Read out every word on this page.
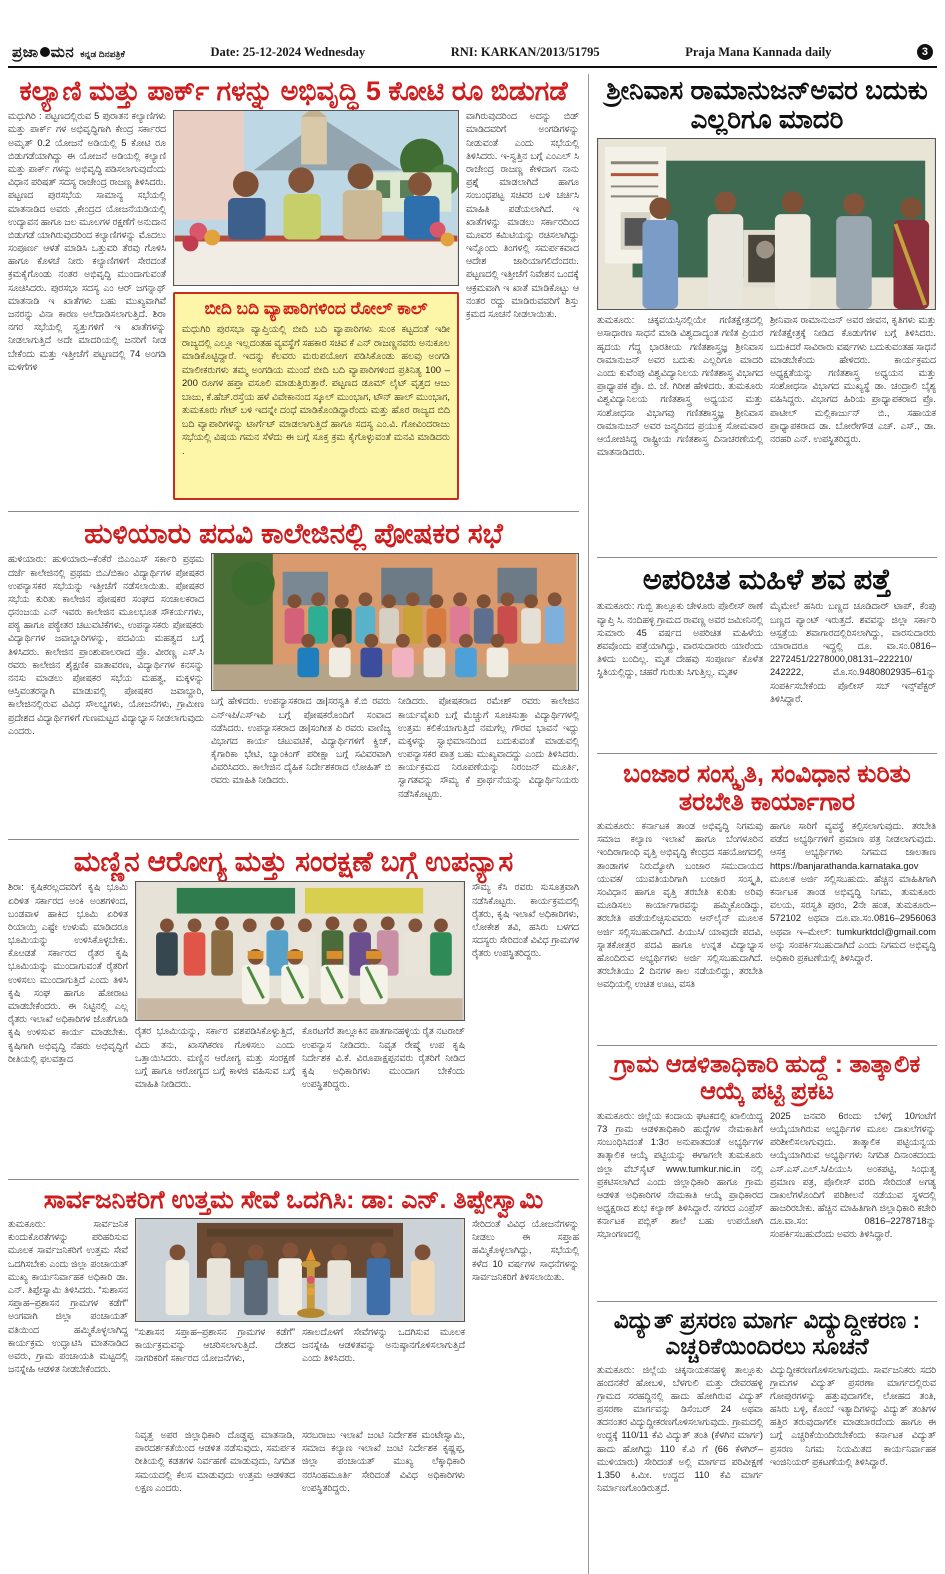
ಪ್ರಜಾ ಮನ ಕನ್ನಡ ದಿನಪತ್ರಿಕೆ	Date: 25-12-2024 Wednesday	RNI: KARKAN/2013/51795	Praja Mana Kannada daily	3
ಕಲ್ಯಾಣಿ ಮತ್ತು ಪಾರ್ಕ್ ಗಳನ್ನು ಅಭಿವೃದ್ಧಿ 5 ಕೋಟಿ ರೂ ಬಿಡುಗಡೆ
ಮಧುಗಿರಿ : ಪಟ್ಟಣದಲ್ಲಿರುವ 5 ಪುರಾತನ ಕಲ್ಯಾಣಿಗಳು ಮತ್ತು ಪಾರ್ಕ್ ಗಳ ಅಭಿವೃದ್ಧಿಗಾಗಿ ಕೇಂದ್ರ ಸರ್ಕಾರದ ಅಮೃತ್ 0.2 ಯೋಜನೆ ಅಡಿಯಲ್ಲಿ 5 ಕೋಟಿ ರೂ ಬಿಡುಗಡೆಯಾಗಿದ್ದು ಈ ಯೋಜನೆ ಅಡಿಯಲ್ಲಿ ಕಲ್ಯಾಣಿ ಮತ್ತು ಪಾರ್ಕ್ ಗಳನ್ನು ಅಭಿವೃದ್ಧಿ ಪಡಿಸಲಾಗುವುದೆಂದು ವಿಧಾನ ಪರಿಷತ್ ಸದಸ್ಯ ರಾಜೇಂದ್ರ ರಾಜಣ್ಣ ತಿಳಿಸಿದರು. ಪಟ್ಟಣದ ಪುರಸಭೆಯ ಸಾಮಾನ್ಯ ಸಭೆಯಲ್ಲಿ ಮಾತನಾಡಿದ ಅವರು ,ಕೇಂದ್ರದ ಯೋಜನೆಯಡಿಯಲ್ಲಿ ಉದ್ಯಾವನ ಹಾಗೂ ಜಲ ಮೂಲಗಳ ರಕ್ಷಣೆಗೆ ಅನುದಾನ ಬಿಡುಗಡೆ ಯಾಗಿರುವುದರಿಂದ ಕಲ್ಯಾಣಿಗಳನ್ನು ಮೊದಲು ಸಂಪೂರ್ಣ ಆಳತೆ ಮಾಡಿಸಿ ಒತ್ತುವರಿ ತೆರವು ಗೊಳಿಸಿ ಹಾಗೂ ಕೊಳಚೆ ನೀರು ಕಲ್ಯಾಣಿಗಳಿಗೆ ಸೇರದಂತೆ ಕ್ರಮಕೈಗೊಂಡು ನಂತರ ಅಭಿವೃದ್ಧಿ ಮುಂದಾಗುವಂತೆ ಸೂಚಿಸಿದರು. ಪುರಸಭಾ ಸದಸ್ಯ ಎಂ ಆರ್ ಜಗನ್ನಾಥ್ ಮಾತನಾಡಿ ಇ ಖಾತೆಗಳು ಬಹು ಮುಖ್ಯವಾಗಿವೆ ಜನರನ್ನು ವಿನಾ ಕಾರಣ ಅಲೆದಾಡಿಸಲಾಗುತ್ತಿದೆ. ಶಿರಾ ನಗರ ಸಭೆಯಲ್ಲಿ ಸ್ವತ್ತುಗಳಿಗೆ ಇ ಖಾತೆಗಳನ್ನು ನೀಡಲಾಗುತ್ತಿದೆ ಅದೇ ಮಾದರಿಯಲ್ಲಿ ಜನರಿಗೆ ನೀಡ ಬೇಕೆಂದು ಮತ್ತು ಇತ್ತೀಚೆಗೆ ಪಟ್ಟಣದಲ್ಲಿ 74 ಅಂಗಡಿ ಮಳಿಗೆಗಳಿ
ಬೀದಿ ಬದಿ ವ್ಯಾಪಾರಿಗಳಿಂದ ರೋಲ್ ಕಾಲ್
ಮಧುಗಿರಿ ಪುರಸಭಾ ವ್ಯಾಪ್ತಿಯಲ್ಲಿ ಬೀದಿ ಬದಿ ವ್ಯಾಪಾರಿಗಳು ಸುಂಕ ಕಟ್ಟದಂತೆ ಇಡೀ ರಾಜ್ಯದಲ್ಲಿ ಎಲ್ಲೂ ಇಲ್ಲದಂತಹ ವ್ಯವಸ್ಥೆಗೆ ಸಹಕಾರ ಸಚಿವ ಕೆ ಎನ್ ರಾಜಣ್ಣನವರು ಅನುಕೂಲ ಮಾಡಿಕೊಟ್ಟಿದ್ದಾರೆ. ಇದನ್ನು ಕೆಲವರು ಮರುಪಯೋಗ ಪಡಿಸಿಕೊಂಡು ಹಲವು ಅಂಗಡಿ ಮಾಲೀಕರುಗಳು ತಮ್ಮ ಅಂಗಡಿಯ ಮುಂದೆ ಬೀದಿ ಬದಿ ವ್ಯಾಪಾರಿಗಳಿಂದ ಪ್ರತಿನಿತ್ಯ 100 –200 ರೂಗಳ ಹಪ್ತಾ ವಸೂಲಿ ಮಾಡುತ್ತಿರುತ್ತಾರೆ. ಪಟ್ಟಣದ ಡೂಮ್ ಲೈಟ್ ವೃತ್ತದ ಆಜು ಬಾಜು, ಕೆ.ಹೆಚ್.ರಸ್ತೆಯ ಹಳೆ ವಿವೇಕಾನಂದ ಸ್ಕೂಲ್ ಮುಂಭಾಗ, ಟೌನ್ ಹಾಲ್ ಮುಂಭಾಗ, ತುಮಕೂರು ಗೇಟ್ ಬಳಿ ಇದನ್ನೇ ದಂಧೆ ಮಾಡಿಕೊಂಡಿದ್ದಾರೆಂದು ಮತ್ತು ಹೊರ ರಾಜ್ಯದ ಬಿದಿ ಬದಿ ವ್ಯಾಪಾರಿಗಳನ್ನು ಟಾರ್ಗೆಟ್ ಮಾಡಲಾಗುತ್ತಿದೆ ಹಾಗೂ ಸದಸ್ಯ ಎಂ.ವಿ. ಗೋವಿಂದರಾಜು ಸಭೆಯಲ್ಲಿ ವಿಷಯ ಗಮನ ಸೆಳೆದು ಈ ಬಗ್ಗೆ ಸೂಕ್ತ ಕ್ರಮ ಕೈಗೊಳ್ಳುವಂತೆ ಮನವಿ ಮಾಡಿದರು .
ವಾಗಿರುವುದರಿಂದ ಅದನ್ನು ಬಿಡ್ ಮಾಡಿದವರಿಗೆ ಅಂಗಡಿಗಳನ್ನು ನೀಡುವಂತೆ ಎಂದು ಸಭೆಯಲ್ಲಿ ತಿಳಿಸಿದರು. ಇ-ಸ್ವತ್ತಿನ ಬಗ್ಗೆ ಎಂಎಲ್ ಸಿ ರಾಜೇಂದ್ರ ರಾಜಣ್ಣ ಕೇಳಿದಾಗ ನಾನು ಪ್ರಶ್ನೆ ಮಾಡಲಾಗಿದೆ ಹಾಗೂ ಸಂಬಂಧಪಟ್ಟ ಸಚಿವರ ಬಳಿ ಚರ್ಚಿಸಿ ಮಾಹಿತಿ ಪಡೆಯಲಾಗಿದೆ. ಇ ಖಾತೆಗಳನ್ನು ಮಾಡಲು ಸರ್ಕಾರದಿಂದ ಮೂವರ ಕಮಿಟಿಯನ್ನು ರಚಿಸಲಾಗಿದ್ದು ಇನ್ನೊಂದು ತಿಂಗಳಲ್ಲಿ ಸಮರ್ಪಕವಾದ ಆದೇಶ ಜಾರಿಯಾಗಲಿದೆಂದರು. ಪಟ್ಟಣದಲ್ಲಿ ಇತ್ತೀಚೆಗೆ ನಿವೇಶನ ಒಂದಕ್ಕೆ ಆಕ್ರಮವಾಗಿ ಇ ಖಾತೆ ಮಾಡಿಕೊಟ್ಟು ಆ ನಂತರ ರದ್ದು ಮಾಡಿರುವವರಿಗೆ ಶಿಸ್ತು ಕ್ರಮದ ಸೂಚನೆ ನೀಡಲಾಯಿತು.
ಹುಳಿಯಾರು ಪದವಿ ಕಾಲೇಜಿನಲ್ಲಿ ಪೋಷಕರ ಸಭೆ
ಹುಳಿಯಾರು: ಹುಳಿಯಾರು–ಕೆಂಕೆರೆ ಬಿಎಂಎಸ್ ಸರ್ಕಾರಿ ಪ್ರಥಮ ದರ್ಜೆ ಕಾಲೇಜಿನಲ್ಲಿ ಪ್ರಥಮ ಬಿಎ/ಬಿಕಾಂ ವಿದ್ಯಾರ್ಥಿಗಳ ಪೋಷಕರ ಉಪನ್ಯಾಸಕರ ಸಭೆಯನ್ನು ಇತ್ತೀಚೆಗೆ ನಡೆಸಲಾಯಿತು. ಪೋಷಕರ ಸಭೆಯ ಕುರಿತು ಕಾಲೇಜಿನ ಪೋಷಕರ ಸಂಘದ ಸಂಚಾಲಕರಾದ ಧನಂಜಯ ಎನ್ ಇವರು ಕಾಲೇಜಿನ ಮೂಲಭೂತ ಸೌಕರ್ಯಗಳು, ಪಠ್ಯ ಹಾಗೂ ಪಠ್ಯೇತರ ಚಟುವಟಿಕೆಗಳು, ಉಪನ್ಯಾಸಕರು ಪೋಷಕರು ವಿದ್ಯಾರ್ಥಿಗಳ ಜವಾಬ್ದಾರಿಗಳನ್ನು, ಪದವಿಯ ಮಹತ್ವದ ಬಗ್ಗೆ ತಿಳಿಸಿದರು. ಕಾಲೇಜಿನ ಪ್ರಾಂಶುಪಾಲರಾದ ಪ್ರೊ. ವೀರಣ್ಣ ಎಸ್.ಸಿ ರವರು ಕಾಲೇಜಿನ ಶೈಕ್ಷಣಿಕ ವಾತಾವರಣ, ವಿದ್ಯಾರ್ಥಿಗಳ ಕನಸನ್ನು ನನಸು ಮಾಡಲು ಪೋಷಕರ ಸಭೆಯ ಮಹತ್ವ, ಮಕ್ಕಳನ್ನು ಆಸ್ತಿವಂತರನ್ನಾಗಿ ಮಾಡುವಲ್ಲಿ ಪೋಷಕರ ಜವಾಬ್ದಾರಿ, ಕಾಲೇಜಿನಲ್ಲಿರುವ ವಿವಿಧ ಸೌಲಭ್ಯಗಳು, ಯೋಜನೆಗಳು, ಗ್ರಾಮೀಣ ಪ್ರದೇಶದ ವಿದ್ಯಾರ್ಥಿಗಳಿಗೆ ಗುಣಮಟ್ಟದ ವಿದ್ಯಾಭ್ಯಾಸ ನೀಡಲಾಗುವುದು ಎಂದರು.
ಬಗ್ಗೆ ಹೇಳಿದರು. ಉಪನ್ಯಾಸಕರಾದ ಡಾ|ಸರಸ್ವತಿ ಕೆ.ಬಿ ರವರು ಎನ್‌ಇಪಿ/ಎಸ್‌ಇಪಿ ಬಗ್ಗೆ ಪೋಷಕರೊಂದಿಗೆ ಸಂವಾದ ನಡೆಸಿದರು. ಉಪನ್ಯಾಸಕರಾದ ಡಾ|ಸಂಗೀತ ಪಿ ರವರು ವಾಣಿಜ್ಯ ವಿಭಾಗದ ಕಾರ್ಯ ಚಟುವಟಿಕೆ, ವಿದ್ಯಾರ್ಥಿಗಳಿಗೆ ಕ್ವಿಜ್, ಕೈಗಾರಿಕಾ ಭೇಟಿ, ಬ್ಯಾಂಕಿಂಗ್ ಪರೀಕ್ಷಾ ಬಗ್ಗೆ ಸವಿವರವಾಗಿ ವಿವರಿಸಿದರು. ಕಾಲೇಜಿನ ದೈಹಿಕ ನಿರ್ದೇಶಕರಾದ ಲೋಹಿತ್ ಬಿ ರವರು ಮಾಹಿತಿ ನೀಡಿದರು.
ನೀಡಿದರು. ಪೋಷಕರಾದ ರಮೇಶ್ ರವರು ಕಾಲೇಜಿನ ಕಾರ್ಯವೈಖರಿ ಬಗ್ಗೆ ಮೆಚ್ಚುಗೆ ಸೂಚಿಸುತ್ತಾ ವಿದ್ಯಾರ್ಥಿಗಳಲ್ಲಿ ಉತ್ತಮ ಕಲಿಕೆಯಾಗುತ್ತಿದೆ ನಮಗೆಲ್ಲ ಗೌರವ ಭಾವನೆ ಇದ್ದು ಮಕ್ಕಳನ್ನು ಸ್ವಾಭಿಮಾನದಿಂದ ಬದುಕುವಂತೆ ಮಾಡುವಲ್ಲಿ ಉಪನ್ಯಾಸಕರ ಪಾತ್ರ ಬಹು ಮುಖ್ಯವಾದದ್ದು ಎಂದು ತಿಳಿಸಿದರು. ಕಾರ್ಯಕ್ರಮದ ನಿರೂಪಣೆಯನ್ನು ನಿರಂಜನ್ ಮೂರ್ತಿ, ಸ್ವಾಗತವನ್ನು ಸೌಮ್ಯ ಕೆ ಪ್ರಾರ್ಥನೆಯನ್ನು ವಿದ್ಯಾರ್ಥಿನಿಯರು ನಡೆಸಿಕೊಟ್ಟರು.
ಮಣ್ಣಿನ ಆರೋಗ್ಯ ಮತ್ತು ಸಂರಕ್ಷಣೆ ಬಗ್ಗೆ ಉಪನ್ಯಾಸ
ಶಿರಾ: ಕೃಷಿಕರಲ್ಲದವರಿಗೆ ಕೃಷಿ ಭೂಮಿ ಏರಿಳಿತ ಸರ್ಕಾರದ ಅಂಕಿ ಅಂಶಗಳಿಂದ, ಬಂಡವಾಳ ಹಾಕಿದ ಭೂಮಿ ಏರಿಳಿತ ರಿಯಾಯ್ತಿ ಎಷ್ಟೇ ಉಳುಮೆ ಮಾಡಿದರೂ ಭೂಮಿಯನ್ನು ಉಳಿಸಿಕೊಳ್ಳಬೇಕು. ಕೊೞಡತೆ ಸರ್ಕಾರದ ರೈತರ ಕೃಷಿ ಭೂಮಿಯನ್ನು ಮುಂದಾಗುವಂತೆ ರೈತರಿಗೆ ಉಳಿಸಲು ಮುಂದಾಗುತ್ತಿದೆ ಎಂದು ತಿಳಿಸಿ ಕೃಷಿ ಸಂಘ ಹಾಗೂ ಹೋರಾಟ ಮಾಡಬೇಕೆಂದರು. ಈ ನಿಟ್ಟಿನಲ್ಲಿ ಎಲ್ಲ ರೈತರು ಇಲಾಖೆ ಅಧಿಕಾರಿಗಳ ಜೊತೆಗೂಡಿ ಕೃಷಿ ಉಳಿಸುವ ಕಾರ್ಯ ಮಾಡಬೇಕು. ಕೃಷಿಗಾಗಿ ಅಭಿವೃದ್ಧಿ ನೆಹರು ಅಭಿವೃದ್ಧಿಗೆ ರೀತಿಯಲ್ಲಿ ಫಲವತ್ತಾದ
ರೈತರ ಭೂಮಿಯನ್ನು, ಸರ್ಕಾರ ವಶಪಡಿಸಿಕೊಳ್ಳುತ್ತಿದೆ, ವಿದು ತನು, ಖಾಸಗಿಕರಣ ಗೊಳಿಸಲು ಎಂದು ಒತ್ತಾಯಿಸಿದರು. ಮಣ್ಣಿನ ಆರೋಗ್ಯ ಮತ್ತು ಸಂರಕ್ಷಣೆ ಬಗ್ಗೆ ಹಾಗೂ ಆರೋಗ್ಯದ ಬಗ್ಗೆ ಕಾಳಜಿ ವಹಿಸುವ ಬಗ್ಗೆ ಮಾಹಿತಿ ನೀಡಿದರು.
ಕೊರಟಗೆರೆ ತಾಲ್ಲೂಕಿನ ಪಾತಗಾನಹಳ್ಳಿಯ ರೈತ ನಟರಾಜ್ ಉಪನ್ಯಾಸ ನೀಡಿದರು. ನಿವೃತ ರೇಷ್ಮೆ ಉಪ ಕೃಷಿ ನಿರ್ದೇಶಕ ವಿ.ಕೆ. ವಿರೂಪಾಕ್ಷಪ್ಪನವರು ರೈತರಿಗೆ ನೀಡಿದ ಕೃಷಿ ಅಧಿಕಾರಿಗಳು ಮುಂದಾಗ ಬೇಕೆಂದು ಉಪಸ್ಥಿತರಿದ್ದರು.
ಸೌಮ್ಯ ಕೆಸಿ ರವರು ಸುಸೂತ್ರವಾಗಿ ನಡೆಸಿಕೊಟ್ಟರು. ಕಾರ್ಯಕ್ರಮದಲ್ಲಿ ರೈತರು, ಕೃಷಿ ಇಲಾಖೆ ಅಧಿಕಾರಿಗಳು, ಲೋಕೇಶ ತವಿ, ಹಸಿರು ಬಳಗದ ಸದಸ್ಯರು ಸೇರಿದಂತೆ ವಿವಿಧ ಗ್ರಾಮಗಳ ರೈತರು ಉಪಸ್ಥಿತರಿದ್ದರು.
ಸಾರ್ವಜನಿಕರಿಗೆ ಉತ್ತಮ ಸೇವೆ ಒದಗಿಸಿ: ಡಾ: ಎನ್. ತಿಪ್ಪೇಸ್ವಾಮಿ
ತುಮಕೂರು: ಸಾರ್ವಜನಿಕ ಕುಂದುಕೊರತೆಗಳನ್ನು ಪರಿಹರಿಸುವ ಮೂಲಕ ಸಾರ್ವಜನಿಕರಿಗೆ ಉತ್ತಮ ಸೇವೆ ಒದಗಿಸಬೇಕು ಎಂದು ಜಿಲ್ಲಾ ಪಂಚಾಯತ್ ಮುಖ್ಯ ಕಾರ್ಯನಿರ್ವಾಹಕ ಅಧಿಕಾರಿ ಡಾ. ಎನ್. ತಿಪ್ಪೇಸ್ವಾಮಿ ತಿಳಿಸಿದರು. “ಸುಶಾಸನ ಸಪ್ತಾಹ–ಪ್ರಶಾಸನ ಗ್ರಾಮಗಳ ಕಡೆಗೆ” ಅಂಗವಾಗಿ ಜಿಲ್ಲಾ ಪಂಚಾಯತ್ ವತಿಯಿಂದ ಹಮ್ಮಿಕೊಳ್ಳಲಾಗಿದ್ದ ಕಾರ್ಯಕ್ರಮ ಉದ್ಘಾಟಿಸಿ ಮಾತನಾಡಿದ ಅವರು, ಗ್ರಾಮ ಪಂಚಾಯತಿ ಮಟ್ಟದಲ್ಲಿ ಜನಸ್ನೇಹಿ ಆಡಳಿತ ನೀಡಬೇಕೆಂದರು.
“ಸುಶಾಸನ ಸಪ್ತಾಹ–ಪ್ರಶಾಸನ ಗ್ರಾಮಗಳ ಕಡೆಗೆ” ಕಾರ್ಯಕ್ರಮವನ್ನು ಆಚರಿಸಲಾಗುತ್ತಿದೆ. ದೇಶದ ನಾಗರಿಕರಿಗೆ ಸರ್ಕಾರದ ಯೋಜನೆಗಳು,
ಸಕಾಲದೊಳಗೆ ಸೇವೆಗಳನ್ನು ಒದಗಿಸುವ ಮೂಲಕ ಜನಸ್ನೇಹಿ ಆಡಳಿತವನ್ನು ಅನುಷ್ಠಾನಗೊಳಿಸಲಾಗುತ್ತಿದೆ ಎಂದು ತಿಳಿಸಿದರು.
ನಿವೃತ್ತ ಅಪರ ಜಿಲ್ಲಾಧಿಕಾರಿ ದೊಡ್ಡಪ್ಪ ಮಾತನಾಡಿ, ಪಾರದರ್ಶಕತೆಯಿಂದ ಆಡಳಿತ ನಡೆಸುವುದು, ಸಮರ್ಪಕ ರೀತಿಯಲ್ಲಿ ಕಡತಗಳ ನಿರ್ವಹಣೆ ಮಾಡುವುದು, ನಿಗದಿತ ಸಮಯದಲ್ಲಿ ಕೆಲಸ ಮಾಡುವುದು ಉತ್ತಮ ಆಡಳಿತದ ಲಕ್ಷಣ ಎಂದರು.
ಸರಬರಾಜು ಇಲಾಖೆ ಜಂಟಿ ನಿರ್ದೇಶಕ ಮಂಟೇಸ್ವಾಮಿ, ಸಮಾಜ ಕಲ್ಯಾಣ ಇಲಾಖೆ ಜಂಟಿ ನಿರ್ದೇಶಕ ಕೃಷ್ಣಪ್ಪ, ಜಿಲ್ಲಾ ಪಂಚಾಯತ್ ಮುಖ್ಯ ಲೆಕ್ಕಾಧಿಕಾರಿ ನರಸಿಂಹಮೂರ್ತಿ ಸೇರಿದಂತೆ ವಿವಿಧ ಅಧಿಕಾರಿಗಳು ಉಪಸ್ಥಿತರಿದ್ದರು.
ಸೇರಿದಂತೆ ವಿವಿಧ ಯೋಜನೆಗಳನ್ನು ನೀಡಲು ಈ ಸಪ್ತಾಹ ಹಮ್ಮಿಕೊಳ್ಳಲಾಗಿದ್ದು, ಸಭೆಯಲ್ಲಿ ಕಳೆದ 10 ವರ್ಷಗಳ ಸಾಧನೆಗಳನ್ನು ಸಾರ್ವಜನಿಕರಿಗೆ ತಿಳಿಸಲಾಯಿತು.
ಶ್ರೀನಿವಾಸ ರಾಮಾನುಜನ್‌ಅವರ ಬದುಕು ಎಲ್ಲರಿಗೂ ಮಾದರಿ
ತುಮಕೂರು: ಚಿಕ್ಕವಯಸ್ಸಿನಲ್ಲಿಯೇ ಗಣಿತಕ್ಷೇತ್ರದಲ್ಲಿ ಅಸಾಧಾರಣ ಸಾಧನೆ ಮಾಡಿ ವಿಶ್ವದಾದ್ಯಂತ ಗಣಿತ ಪ್ರಿಯರ ಹೃದಯ ಗೆದ್ದ ಭಾರತೀಯ ಗಣಿತಶಾಸ್ತ್ರಜ್ಞ ಶ್ರೀನಿವಾಸ ರಾಮಾನುಜನ್ ಅವರ ಬದುಕು ಎಲ್ಲರಿಗೂ ಮಾದರಿ ಎಂದು ಕುವೆಂಪು ವಿಶ್ವವಿದ್ಯಾನಿಲಯ ಗಣಿತಶಾಸ್ತ್ರ ವಿಭಾಗದ ಪ್ರಾಧ್ಯಾಪಕ ಪ್ರೊ. ಬಿ. ಜೆ. ಗಿರೀಶ ಹೇಳಿದರು. ತುಮಕೂರು ವಿಶ್ವವಿದ್ಯಾನಿಲಯ ಗಣಿತಶಾಸ್ತ್ರ ಅಧ್ಯಯನ ಮತ್ತು ಸಂಶೋಧನಾ ವಿಭಾಗವು ಗಣಿತಶಾಸ್ತ್ರಜ್ಞ ಶ್ರೀನಿವಾಸ ರಾಮಾನುಜನ್ ಅವರ ಜನ್ಮದಿನದ ಪ್ರಯುಕ್ತ ಸೋಮವಾರ ಆಯೋಜಿಸಿದ್ದ ರಾಷ್ಟ್ರೀಯ ಗಣಿತಶಾಸ್ತ್ರ ದಿನಾಚರಣೆಯಲ್ಲಿ ಮಾತನಾಡಿದರು.
ಶ್ರೀನಿವಾಸ ರಾಮಾನುಜನ್ ಅವರ ಜೀವನ, ಕೃತಿಗಳು ಮತ್ತು ಗಣಿತಕ್ಷೇತ್ರಕ್ಕೆ ನೀಡಿದ ಕೊಡುಗೆಗಳ ಬಗ್ಗೆ ತಿಳಿಸಿದರು. ಬದುಕಿದರೆ ಸಾವಿರಾರು ವರ್ಷಗಳು ಬದುಕುವಂತಹ ಸಾಧನೆ ಮಾಡಬೇಕೆಂದು ಹೇಳಿದರು. ಕಾರ್ಯಕ್ರಮದ ಅಧ್ಯಕ್ಷತೆಯನ್ನು ಗಣಿತಶಾಸ್ತ್ರ ಅಧ್ಯಯನ ಮತ್ತು ಸಂಶೋಧನಾ ವಿಭಾಗದ ಮುಖ್ಯಸ್ಥೆ ಡಾ. ಚಂದ್ರಾಲಿ ಬೈಶ್ಯ ವಹಿಸಿದ್ದರು. ವಿಭಾಗದ ಹಿರಿಯ ಪ್ರಾಧ್ಯಾಪಕರಾದ ಪ್ರೊ. ಪಾಟೀಲ್ ಮಲ್ಲಿಕಾರ್ಜುನ್ ಬಿ., ಸಹಾಯಕ ಪ್ರಾಧ್ಯಾಪಕರಾದ ಡಾ. ಬೋರೇಗೌಡ ಎಚ್. ಎಸ್., ಡಾ. ನರಹರಿ ಎನ್. ಉಪಸ್ಥಿತರಿದ್ದರು.
ಅಪರಿಚಿತ ಮಹಿಳೆ ಶವ ಪತ್ತೆ
ತುಮಕೂರು: ಗುಬ್ಬಿ ತಾಲ್ಲೂಕು ಚೇಳೂರು ಪೊಲೀಸ್ ಠಾಣೆ ವ್ಯಾಪ್ತಿ ಸಿ. ನಂದಿಹಳ್ಳಿ ಗ್ರಾಮದ ರಾವಣ್ಣ ಅವರ ಜಮೀನಿನಲ್ಲಿ ಸುಮಾರು 45 ವರ್ಷದ ಅಪರಿಚಿತ ಮಹಿಳೆಯ ಶವವೊಂದು ಪತ್ತೆಯಾಗಿದ್ದು, ವಾರಸುದಾರರು ಯಾರೆಂದು ತಿಳಿದು ಬಂದಿಲ್ಲ. ಮೃತ ದೇಹವು ಸಂಪೂರ್ಣ ಕೊಳೆತ ಸ್ಥಿತಿಯಲ್ಲಿದ್ದು, ಚಹರೆ ಗುರುತು ಸಿಗುತ್ತಿಲ್ಲ. ಮೃತಳ
ಮೈಮೇಲೆ ಹಸಿರು ಬಣ್ಣದ ಚೂಡಿದಾರ್ ಟಾಪ್, ಕೆಂಪು ಬಣ್ಣದ ಪ್ಯಾಂಟ್ ಇರುತ್ತದೆ. ಶವವನ್ನು ಜಿಲ್ಲಾ ಸರ್ಕಾರಿ ಆಸ್ಪತ್ರೆಯ ಶವಾಗಾರದಲ್ಲಿರಿಸಲಾಗಿದ್ದು, ವಾರಸುದಾರರು ಯಾರಾದರೂ ಇದ್ದಲ್ಲಿ ದೂ. ವಾ.ಸಂ.0816–2272451/2278000,08131–222210/ 242222, ಮೊ.ಸಂ.9480802935–61ನ್ನು ಸಂಪರ್ಕಿಸಬೇಕೆಂದು ಪೊಲೀಸ್ ಸಬ್ ಇನ್ಸ್‌ಪೆಕ್ಟರ್ ತಿಳಿಸಿದ್ದಾರೆ.
ಬಂಜಾರ ಸಂಸ್ಕೃತಿ, ಸಂವಿಧಾನ ಕುರಿತು ತರಬೇತಿ ಕಾರ್ಯಾಗಾರ
ತುಮಕೂರು: ಕರ್ನಾಟಕ ತಾಂಡ ಅಭಿವೃದ್ಧಿ ನಿಗಮವು ಸಮಾಜ ಕಲ್ಯಾಣ ಇಲಾಖೆ ಹಾಗೂ ಬೆಂಗಳೂರಿನ ಇಂದಿರಾಗಾಂಧಿ ವೃತ್ತಿ ಅಭಿವೃದ್ಧಿ ಕೇಂದ್ರದ ಸಹಯೋಗದಲ್ಲಿ ತಾಂಡಾಗಳ ನಿರುದ್ಯೋಗಿ ಬಂಜಾರ ಸಮುದಾಯದ ಯುವಕ/ ಯುವತಿಯರಿಗಾಗಿ ಬಂಜಾರ ಸಂಸ್ಕೃತಿ, ಸಂವಿಧಾನ ಹಾಗೂ ವೃತ್ತಿ ತರಬೇತಿ ಕುರಿತು ಅರಿವು ಮೂಡಿಸಲು ಕಾರ್ಯಾಗಾರವನ್ನು ಹಮ್ಮಿಕೊಂಡಿದ್ದು, ತರಬೇತಿ ಪಡೆಯಲಿಚ್ಛಿಸುವವರು ಆನ್‌ಲೈನ್ ಮೂಲಕ ಅರ್ಜಿ ಸಲ್ಲಿಸಬಹುದಾಗಿದೆ. ಪಿಯುಸಿ/ ಯಾವುದೇ ಪದವಿ, ಸ್ನಾತಕೋತ್ತರ ಪದವಿ ಹಾಗೂ ಉನ್ನತ ವಿದ್ಯಾಭ್ಯಾಸ ಹೊಂದಿರುವ ಅಭ್ಯರ್ಥಿಗಳು ಅರ್ಜಿ ಸಲ್ಲಿಸಬಹುದಾಗಿದೆ. ತರಬೇತಿಯು 2 ದಿನಗಳ ಕಾಲ ನಡೆಯಲಿದ್ದು, ತರಬೇತಿ ಅವಧಿಯಲ್ಲಿ ಉಚಿತ ಊಟ, ವಸತಿ
ಹಾಗೂ ಸಾರಿಗೆ ವ್ಯವಸ್ಥೆ ಕಲ್ಪಿಸಲಾಗುವುದು. ತರಬೇತಿ ಪಡೆದ ಅಭ್ಯರ್ಥಿಗಳಿಗೆ ಪ್ರಮಾಣ ಪತ್ರ ನೀಡಲಾಗುವುದು. ಆಸಕ್ತ ಅಭ್ಯರ್ಥಿಗಳು ನಿಗಮದ ಜಾಲತಾಣ https://banjarathanda.karnataka.gov ಮೂಲಕ ಅರ್ಜಿ ಸಲ್ಲಿಸಬಹುದು. ಹೆಚ್ಚಿನ ಮಾಹಿತಿಗಾಗಿ ಕರ್ನಾಟಕ ತಾಂಡ ಅಭಿವೃದ್ಧಿ ನಿಗಮ, ತುಮಕೂರು ವಲಯ, ಸರಸ್ವತಿ ಪುರಂ, 2ನೇ ಹಂತ, ತುಮಕೂರು–572102 ಅಥವಾ ದೂ.ವಾ.ಸಂ.0816–2956063 ಅಥವಾ ಇ–ಮೇಲ್: tumkurktdcl@gmail.com ಅನ್ನು ಸಂಪರ್ಕಿಸಬಹುದಾಗಿದೆ ಎಂದು ನಿಗಮದ ಅಭಿವೃದ್ಧಿ ಅಧಿಕಾರಿ ಪ್ರಕಟಣೆಯಲ್ಲಿ ತಿಳಿಸಿದ್ದಾರೆ.
ಗ್ರಾಮ ಆಡಳಿತಾಧಿಕಾರಿ ಹುದ್ದೆ : ತಾತ್ಕಾಲಿಕ ಆಯ್ಕೆ ಪಟ್ಟಿ ಪ್ರಕಟ
ತುಮಕೂರು: ಜಿಲ್ಲೆಯ ಕಂದಾಯ ಘಟಕದಲ್ಲಿ ಖಾಲಿಯಿದ್ದ 73 ಗ್ರಾಮ ಆಡಳಿತಾಧಿಕಾರಿ ಹುದ್ದೆಗಳ ನೇಮಕಾತಿಗೆ ಸಂಬಂಧಿಸಿದಂತೆ 1:3ರ ಅನುಪಾತದಂತೆ ಅಭ್ಯರ್ಥಿಗಳ ತಾತ್ಕಾಲಿಕ ಆಯ್ಕೆ ಪಟ್ಟಿಯನ್ನು ಈಗಾಗಲೇ ತುಮಕೂರು ಜಿಲ್ಲಾ ವೆಬ್‌ಸೈಟ್ www.tumkur.nic.in ನಲ್ಲಿ ಪ್ರಕಟಿಸಲಾಗಿದೆ ಎಂದು ಜಿಲ್ಲಾಧಿಕಾರಿ ಹಾಗೂ ಗ್ರಾಮ ಆಡಳಿತ ಅಧಿಕಾರಿಗಳ ನೇಮಕಾತಿ ಆಯ್ಕೆ ಪ್ರಾಧಿಕಾರದ ಅಧ್ಯಕ್ಷರಾದ ಶುಭ ಕಲ್ಯಾಣ್ ತಿಳಿಸಿದ್ದಾರೆ. ನಗರದ ಎಂಪ್ರೆಸ್ ಕರ್ನಾಟಕ ಪಬ್ಲಿಕ್ ಶಾಲೆ ಬಹು ಉಪಯೋಗಿ ಸಭಾಂಗಣದಲ್ಲಿ
2025 ಜನವರಿ 6ರಂದು ಬೆಳಿಗ್ಗೆ 10ಗಂಟೆಗೆ ಆಯ್ಕೆಯಾಗಿರುವ ಅಭ್ಯರ್ಥಿಗಳ ಮೂಲ ದಾಖಲೆಗಳನ್ನು ಪರಿಶೀಲಿಸಲಾಗುವುದು. ತಾತ್ಕಾಲಿಕ ಪಟ್ಟಿಯನ್ವಯ ಆಯ್ಕೆಯಾಗಿರುವ ಅಭ್ಯರ್ಥಿಗಳು ನಿಗದಿತ ದಿನಾಂಕದಂದು ಎಸ್.ಎಸ್.ಎಲ್.ಸಿ/ಪಿಯುಸಿ ಅಂಕಪಟ್ಟಿ, ಸಿಂಧುತ್ವ ಪ್ರಮಾಣ ಪತ್ರ, ಪೊಲೀಸ್ ವರದಿ ಸೇರಿದಂತೆ ಅಗತ್ಯ ದಾಖಲೆಗಳೊಂದಿಗೆ ಪರಿಶೀಲನೆ ನಡೆಯುವ ಸ್ಥಳದಲ್ಲಿ ಹಾಜರಿರಬೇಕು. ಹೆಚ್ಚಿನ ಮಾಹಿತಿಗಾಗಿ ಜಿಲ್ಲಾಧಿಕಾರಿ ಕಚೇರಿ ದೂ.ವಾ.ಸಂ: 0816–2278718ನ್ನು ಸಂಪರ್ಕಿಸಬಹುದೆಂದು ಅವರು ತಿಳಿಸಿದ್ದಾರೆ.
ವಿದ್ಯುತ್ ಪ್ರಸರಣ ಮಾರ್ಗ ವಿದ್ಯುದ್ದೀಕರಣ : ಎಚ್ಚರಿಕೆಯಿಂದಿರಲು ಸೂಚನೆ
ತುಮಕೂರು: ಜಿಲ್ಲೆಯ ಚಿಕ್ಕನಾಯಕನಹಳ್ಳಿ ತಾಲ್ಲೂಕು ಹಂದನಕೆರೆ ಹೋಬಳಿ, ಬೆಳಗುಲಿ ಮತ್ತು ದೇವರಹಳ್ಳಿ ಗ್ರಾಮದ ಸರಹದ್ದಿನಲ್ಲಿ ಹಾದು ಹೋಗಿರುವ ವಿದ್ಯುತ್ ಪ್ರಸರಣಾ ಮಾರ್ಗವನ್ನು ಡಿಸೆಂಬರ್ 24 ಅಥವಾ ತದನಂತರ ವಿದ್ಯುದ್ದೀಕರಣಗೊಳಿಸಲಾಗುವುದು. ಗ್ರಾಮದಲ್ಲಿ ಉದ್ದಕ್ಕೆ 110/11 ಕೆವಿ ವಿದ್ಯುತ್ ತಂತಿ (ಕೆಳಗಿನ ಮಾರ್ಗ) ಹಾದು ಹೋಗಿದ್ದು 110 ಕೆ.ವಿ ಗೆ (66 ಕೆಳಗಿರ್–ಮುಳಿಯಾರು) ಸೇರಿದಂತೆ ಅಲ್ಲಿ ಮಾರ್ಗದ ಪರಿವೀಕ್ಷಣೆ 1.350 ಕಿ.ಮೀ. ಉದ್ದದ 110 ಕೆವಿ ಮಾರ್ಗ ನಿರ್ಮಾಣಗೊಂಡಿರುತ್ತದೆ.
ವಿದ್ಯುದ್ದೀಕರಣಗೊಳಿಸಲಾಗುವುದು. ಸಾರ್ವಜನಿಕರು ಸದರಿ ಗ್ರಾಮಗಳ ವಿದ್ಯುತ್ ಪ್ರಸರಣಾ ಮಾರ್ಗದಲ್ಲಿರುವ ಗೋಪುರಗಳನ್ನು ಹತ್ತುವುದಾಗಲೀ, ಲೋಹದ ತಂತಿ, ಹಸಿರು ಬಳ್ಳಿ, ಕೊಂಬೆ ಇತ್ಯಾದಿಗಳನ್ನು ವಿದ್ಯುತ್ ತಂತಿಗಳ ಹತ್ತಿರ ತರುವುದಾಗಲೀ ಮಾಡಬಾರದೆಂದು ಹಾಗೂ ಈ ಬಗ್ಗೆ ಎಚ್ಚರಿಕೆಯಿಂದಿರಬೇಕೆಂದು ಕರ್ನಾಟಕ ವಿದ್ಯುತ್ ಪ್ರಸರಣ ನಿಗಮ ನಿಯಮಿತದ ಕಾರ್ಯನಿರ್ವಾಹಕ ಇಂಜಿನಿಯರ್ ಪ್ರಕಟಣೆಯಲ್ಲಿ ತಿಳಿಸಿದ್ದಾರೆ.
